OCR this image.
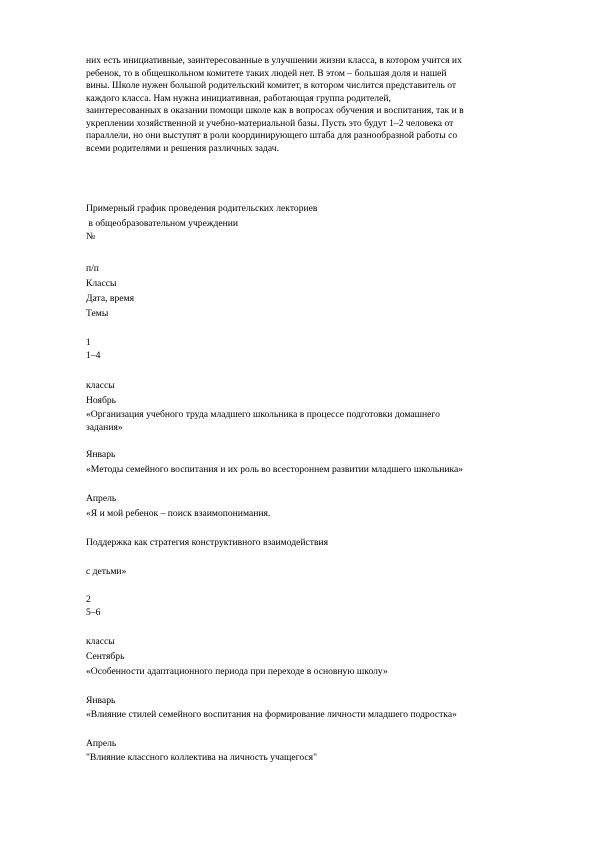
них есть инициативные, заинтересованные в улучшении жизни класса, в котором учится их
ребенок, то в общешкольном комитете таких людей нет. В этом – большая доля и нашей
вины. Школе нужен большой родительский комитет, в котором числится представитель от
каждого класса. Нам нужна инициативная, работающая группа родителей,
заинтересованных в оказании помощи школе как в вопросах обучения и воспитания, так и в
укреплении хозяйственной и учебно-материальной базы. Пусть это будут 1–2 человека от
параллели, но они выступят в роли координирующего штаба для разнообразной работы со
всеми родителями и решения различных задач.

Примерный график проведения родительских лекториев

в общеобразовательном учреждении

№

п/п

Классы

Дата, время

Темы

1

1–4

классы

Ноябрь

«Организация учебного труда младшего школьника в процессе подготовки домашнего

задания»

Январь

«Методы семейного воспитания и их роль во всестороннем развитии младшего школьника»

Апрель

«Я и мой ребенок – поиск взаимопонимания.

Поддержка как стратегия конструктивного взаимодействия

с детьми»

2

5–6

классы

Сентябрь

«Особенности адаптационного периода при переходе в основную школу»

Январь

«Влияние стилей семейного воспитания на формирование личности младшего подростка»

Апрель

"Влияние классного коллектива на личность учащегося"
